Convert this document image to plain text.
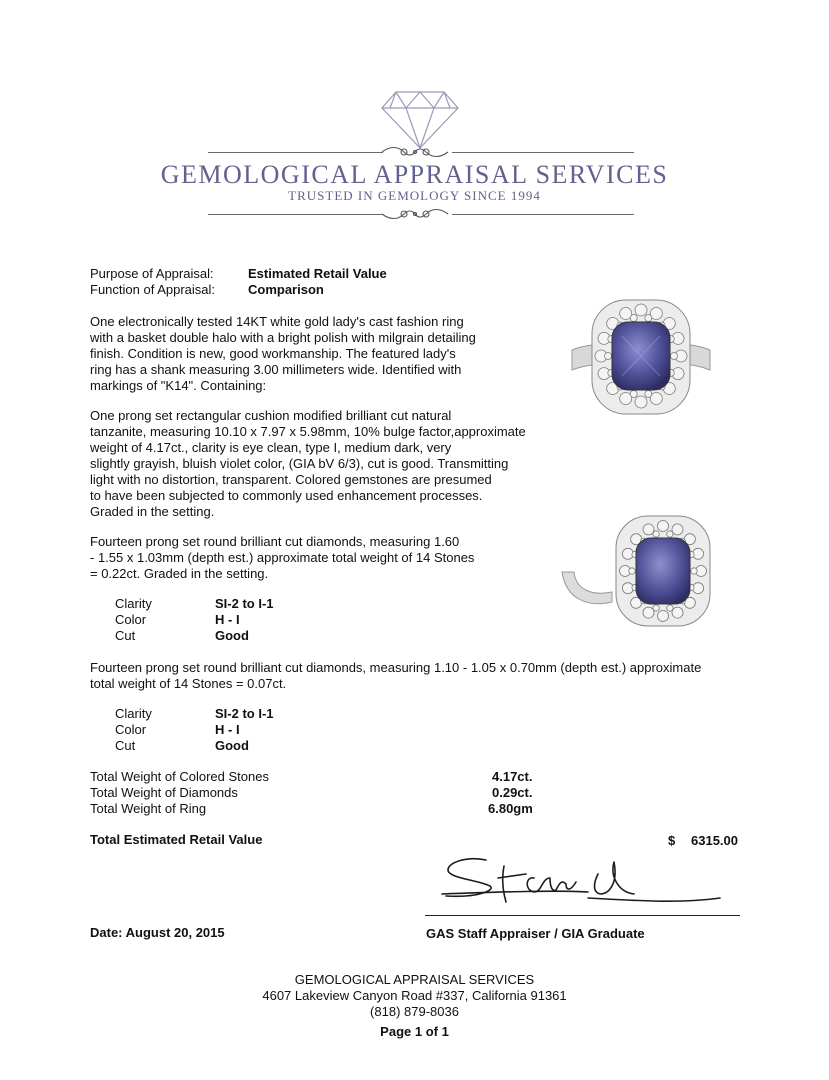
GEMOLOGICAL APPRAISAL SERVICES
TRUSTED IN GEMOLOGY SINCE 1994
Purpose of Appraisal:	Estimated Retail Value
Function of Appraisal:	Comparison
One electronically tested 14KT white gold lady's cast fashion ring
with a basket double halo with a bright polish with milgrain detailing
finish. Condition is new, good workmanship. The featured lady's
ring has a shank measuring 3.00 millimeters wide. Identified with
markings of "K14". Containing:
One prong set rectangular cushion modified brilliant cut natural
tanzanite, measuring 10.10 x 7.97 x 5.98mm, 10% bulge factor,approximate
weight of 4.17ct., clarity is eye clean, type I, medium dark, very
slightly grayish, bluish violet color, (GIA bV 6/3), cut is good. Transmitting
light with no distortion, transparent. Colored gemstones are presumed
to have been subjected to commonly used enhancement processes.
Graded in the setting.
Fourteen prong set round brilliant cut diamonds, measuring 1.60
- 1.55 x 1.03mm (depth est.) approximate total weight of 14 Stones
= 0.22ct. Graded in the setting.
Clarity	SI-2 to I-1
Color	H - I
Cut	Good
Fourteen prong set round brilliant cut diamonds, measuring 1.10 - 1.05 x 0.70mm (depth est.) approximate
total weight of 14 Stones = 0.07ct.
Clarity	SI-2 to I-1
Color	H - I
Cut	Good
Total Weight of Colored Stones	4.17ct.
Total Weight of Diamonds	0.29ct.
Total Weight of Ring	6.80gm
Total Estimated Retail Value	$ 6315.00
Date: August 20, 2015	GAS Staff Appraiser / GIA Graduate
GEMOLOGICAL APPRAISAL SERVICES
4607 Lakeview Canyon Road #337, California 91361
(818) 879-8036
Page 1 of 1
